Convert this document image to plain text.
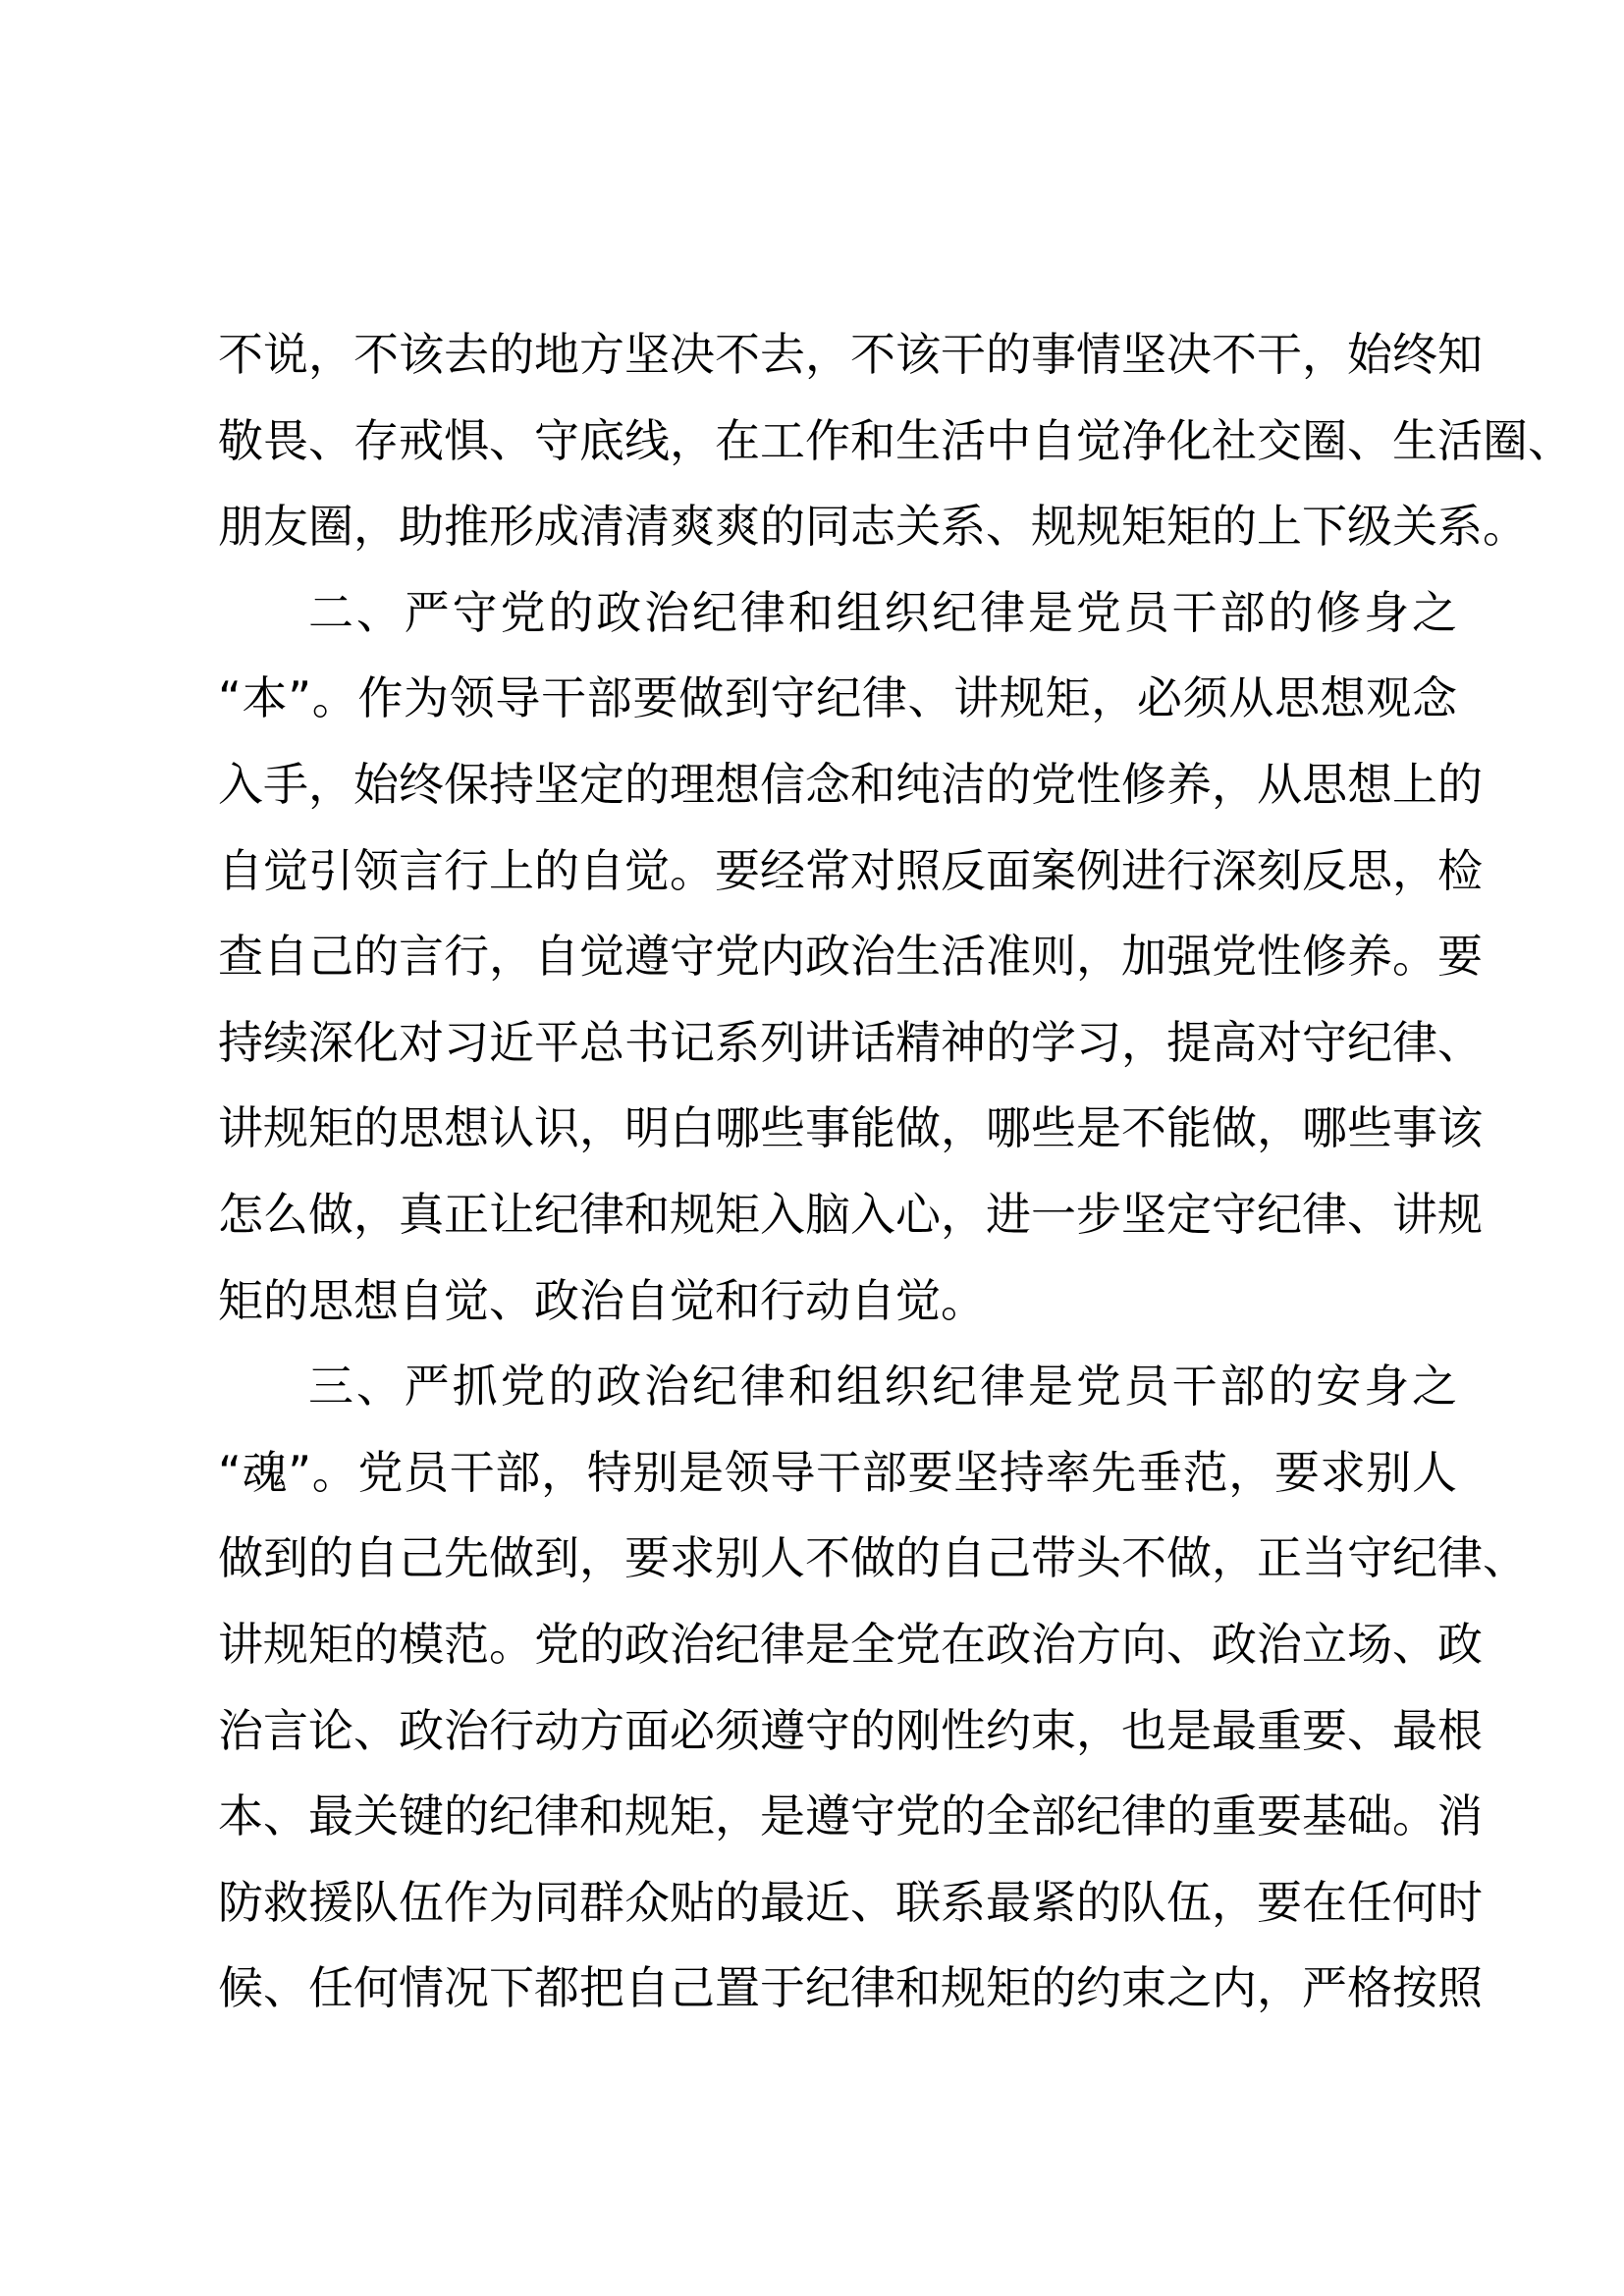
不说，不该去的地方坚决不去，不该干的事情坚决不干，始终知
敬畏、存戒惧、守底线，在工作和生活中自觉净化社交圈、生活圈、
朋友圈，助推形成清清爽爽的同志关系、规规矩矩的上下级关系。
二、严守党的政治纪律和组织纪律是党员干部的修身之
“本”。作为领导干部要做到守纪律、讲规矩，必须从思想观念
入手，始终保持坚定的理想信念和纯洁的党性修养，从思想上的
自觉引领言行上的自觉。要经常对照反面案例进行深刻反思，检
查自己的言行，自觉遵守党内政治生活准则，加强党性修养。要
持续深化对习近平总书记系列讲话精神的学习，提高对守纪律、
讲规矩的思想认识，明白哪些事能做，哪些是不能做，哪些事该
怎么做，真正让纪律和规矩入脑入心，进一步坚定守纪律、讲规
矩的思想自觉、政治自觉和行动自觉。
三、严抓党的政治纪律和组织纪律是党员干部的安身之
“魂”。党员干部，特别是领导干部要坚持率先垂范，要求别人
做到的自己先做到，要求别人不做的自己带头不做，正当守纪律、
讲规矩的模范。党的政治纪律是全党在政治方向、政治立场、政
治言论、政治行动方面必须遵守的刚性约束，也是最重要、最根
本、最关键的纪律和规矩，是遵守党的全部纪律的重要基础。消
防救援队伍作为同群众贴的最近、联系最紧的队伍，要在任何时
候、任何情况下都把自己置于纪律和规矩的约束之内，严格按照
